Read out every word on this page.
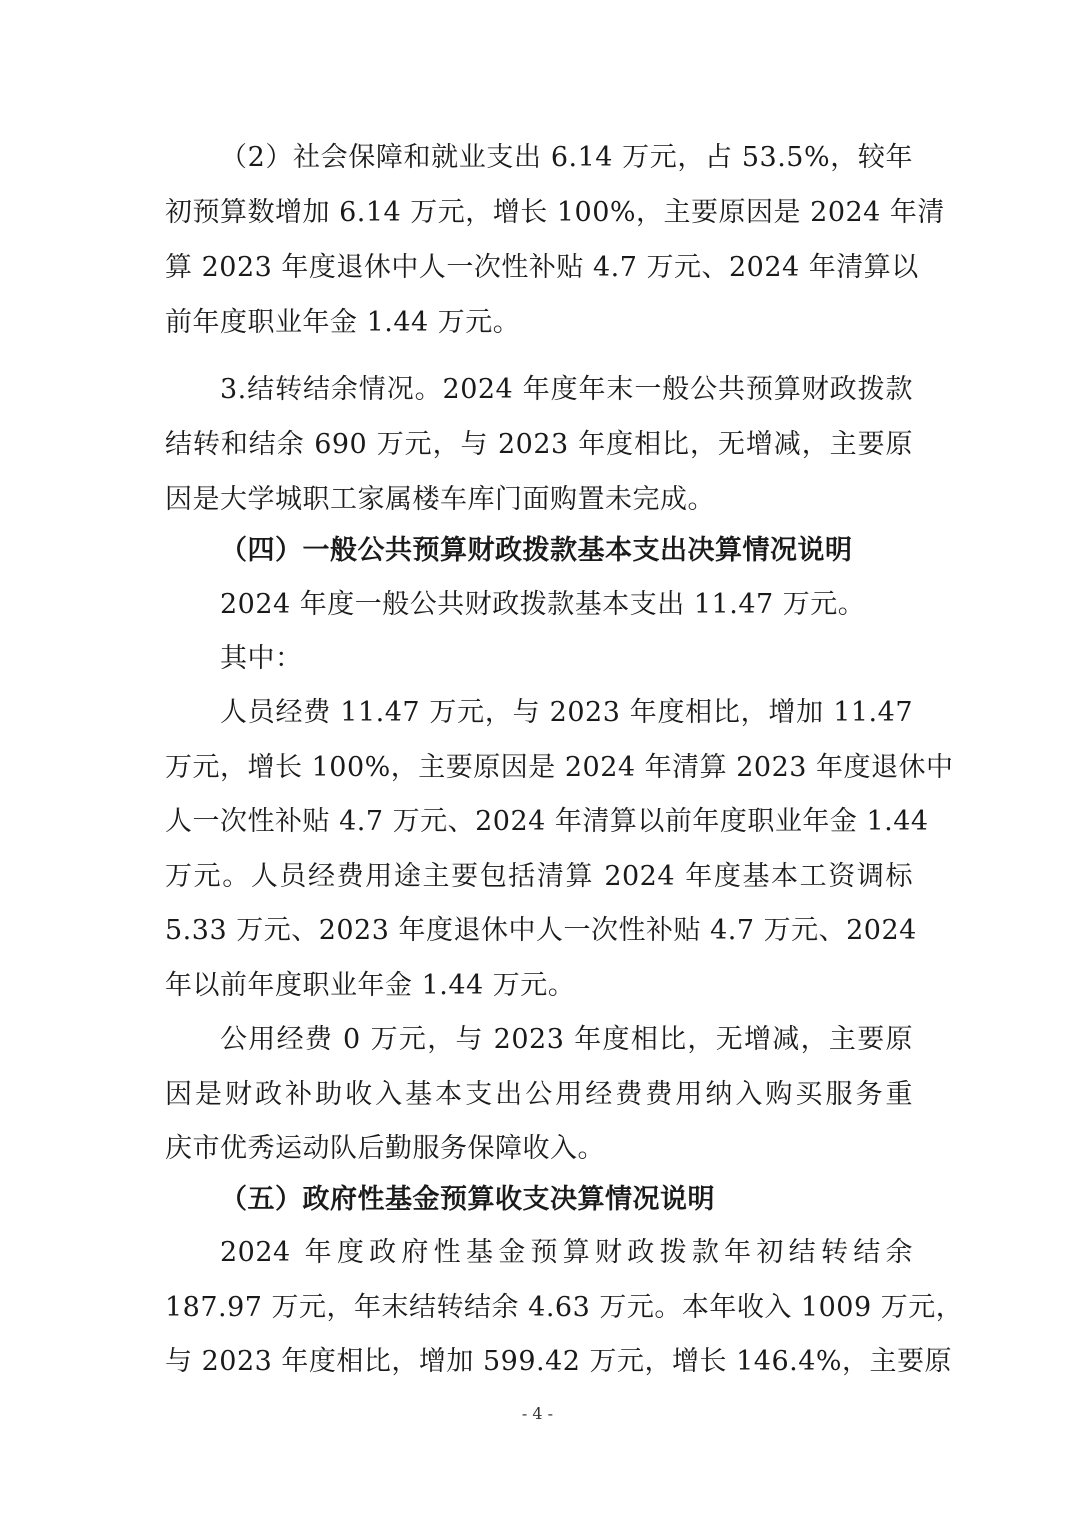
（2）社会保障和就业支出 6.14 万元，占 53.5%，较年
初预算数增加 6.14 万元，增长 100%，主要原因是 2024 年清
算 2023 年度退休中人一次性补贴 4.7 万元、2024 年清算以
前年度职业年金 1.44 万元。
3.结转结余情况。2024 年度年末一般公共预算财政拨款
结转和结余 690 万元，与 2023 年度相比，无增减，主要原
因是大学城职工家属楼车库门面购置未完成。
（四）一般公共预算财政拨款基本支出决算情况说明
2024 年度一般公共财政拨款基本支出 11.47 万元。
其中：
人员经费 11.47 万元，与 2023 年度相比，增加 11.47
万元，增长 100%，主要原因是 2024 年清算 2023 年度退休中
人一次性补贴 4.7 万元、2024 年清算以前年度职业年金 1.44
万元。人员经费用途主要包括清算 2024 年度基本工资调标
5.33 万元、2023 年度退休中人一次性补贴 4.7 万元、2024
年以前年度职业年金 1.44 万元。
公用经费 0 万元，与 2023 年度相比，无增减，主要原
因是财政补助收入基本支出公用经费费用纳入购买服务重
庆市优秀运动队后勤服务保障收入。
（五）政府性基金预算收支决算情况说明
2024 年度政府性基金预算财政拨款年初结转结余
187.97 万元，年末结转结余 4.63 万元。本年收入 1009 万元，
与 2023 年度相比，增加 599.42 万元，增长 146.4%，主要原
- 4 -
